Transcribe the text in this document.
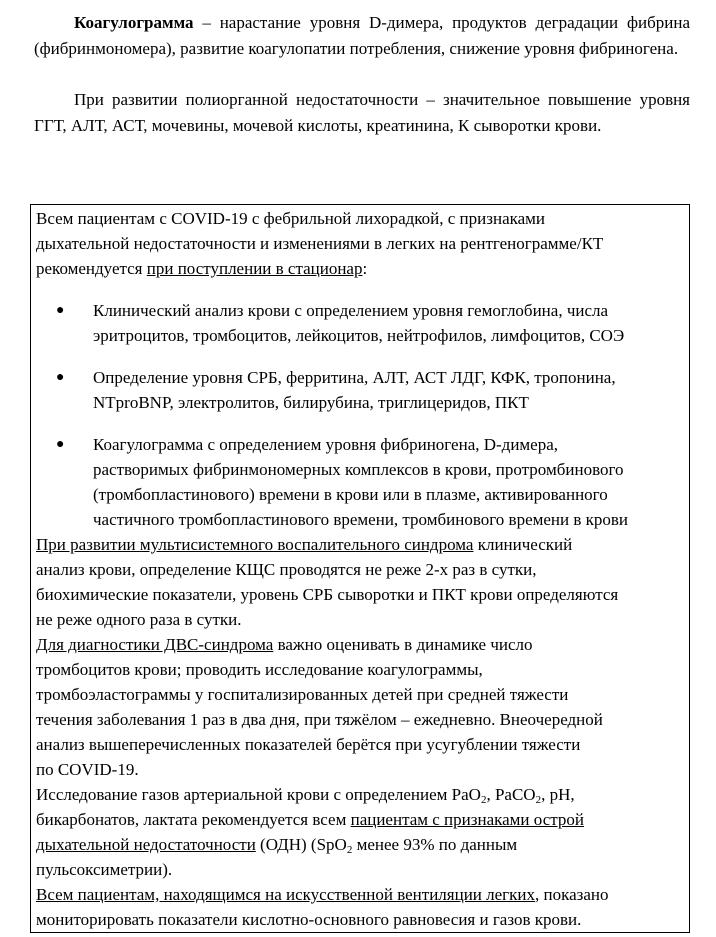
Коагулограмма – нарастание уровня D-димера, продуктов деградации фибрина (фибринмономера), развитие коагулопатии потребления, снижение уровня фибриногена.
При развитии полиорганной недостаточности – значительное повышение уровня ГГТ, АЛТ, АСТ, мочевины, мочевой кислоты, креатинина, К сыворотки крови.
Всем пациентам с COVID-19 с фебрильной лихорадкой, с признаками
дыхательной недостаточности и изменениями в легких на рентгенограмме/КТ
рекомендуется при поступлении в стационар:
● Клинический анализ крови с определением уровня гемоглобина, числа
эритроцитов, тромбоцитов, лейкоцитов, нейтрофилов, лимфоцитов, СОЭ
● Определение уровня СРБ, ферритина, АЛТ, АСТ ЛДГ, КФК, тропонина,
NTproBNP, электролитов, билирубина, триглицеридов, ПКТ
● Коагулограмма с определением уровня фибриногена, D-димера,
растворимых фибринмономерных комплексов в крови, протромбинового
(тромбопластинового) времени в крови или в плазме, активированного
частичного тромбопластинового времени, тромбинового времени в крови
При развитии мультисистемного воспалительного синдрома клинический
анализ крови, определение КЩС проводятся не реже 2-х раз в сутки,
биохимические показатели, уровень СРБ сыворотки и ПКТ крови определяются
не реже одного раза в сутки.
Для диагностики ДВС-синдрома важно оценивать в динамике число
тромбоцитов крови; проводить исследование коагулограммы,
тромбоэластограммы у госпитализированных детей при средней тяжести
течения заболевания 1 раз в два дня, при тяжёлом – ежедневно. Внеочередной
анализ вышеперечисленных показателей берётся при усугублении тяжести
по COVID-19.
Исследование газов артериальной крови с определением PaO$_2$, PaCO$_2$, pH,
бикарбонатов, лактата рекомендуется всем пациентам с признаками острой
дыхательной недостаточности (ОДН) (SpO$_2$ менее 93% по данным
пульсоксиметрии).
Всем пациентам, находящимся на искусственной вентиляции легких, показано
мониторировать показатели кислотно-основного равновесия и газов крови.
